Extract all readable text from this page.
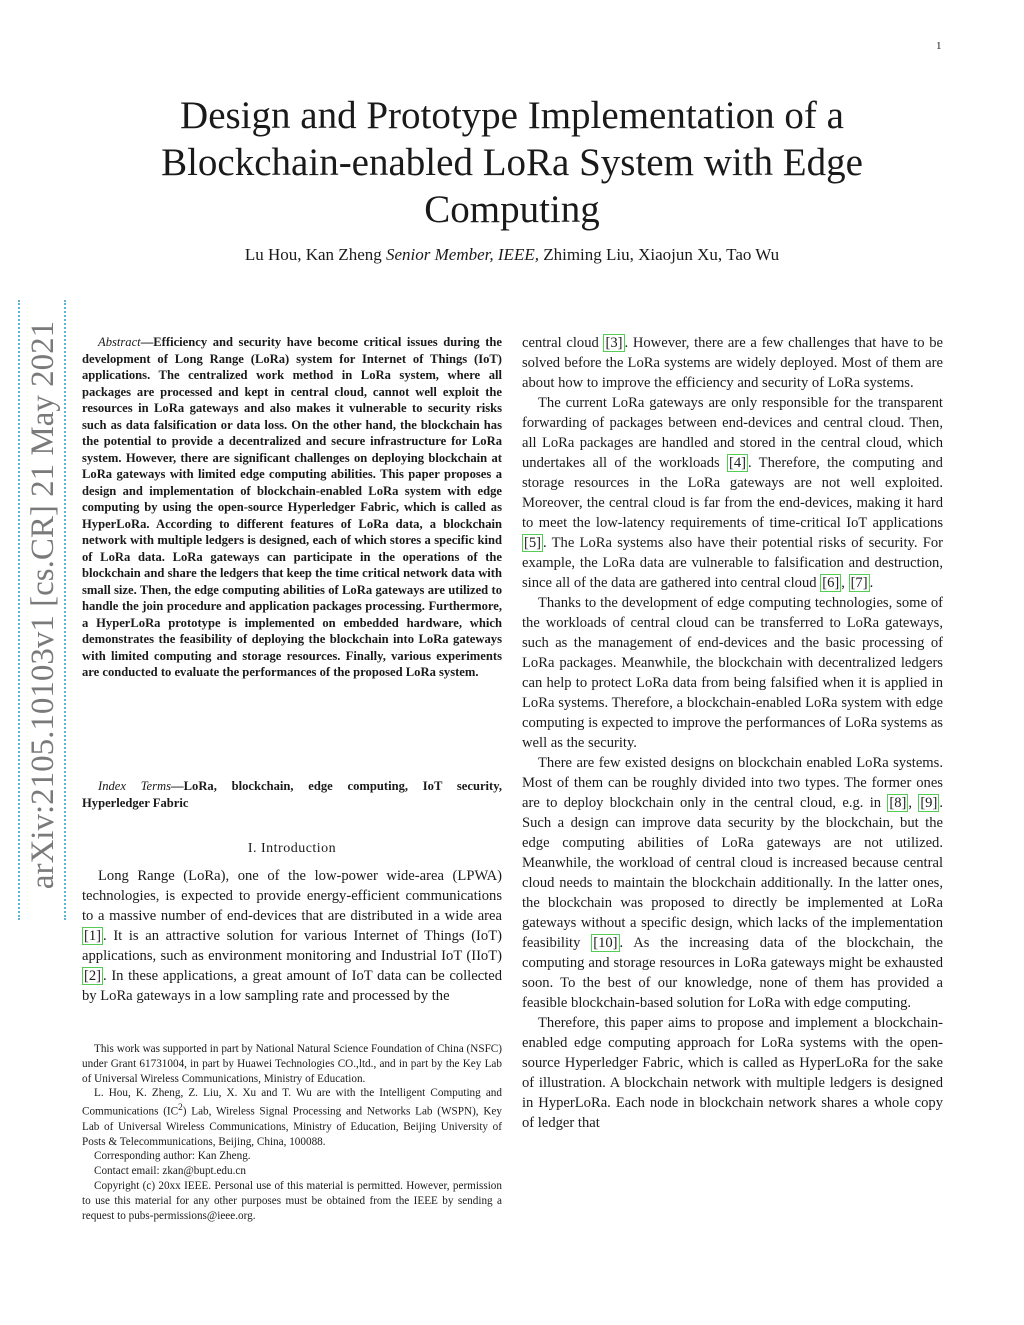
1
Design and Prototype Implementation of a Blockchain-enabled LoRa System with Edge Computing
Lu Hou, Kan Zheng Senior Member, IEEE, Zhiming Liu, Xiaojun Xu, Tao Wu
arXiv:2105.10103v1 [cs.CR] 21 May 2021	Abstract—Efficiency and security have become critical issues during the development of Long Range (LoRa) system for Internet of Things (IoT) applications. The centralized work method in LoRa system, where all packages are processed and kept in central cloud, cannot well exploit the resources in LoRa gateways and also makes it vulnerable to security risks such as data falsification or data loss. On the other hand, the blockchain has the potential to provide a decentralized and secure infrastructure for LoRa system. However, there are significant challenges on deploying blockchain at LoRa gateways with limited edge computing abilities. This paper proposes a design and implementation of blockchain-enabled LoRa system with edge computing by using the open-source Hyperledger Fabric, which is called as HyperLoRa. According to different features of LoRa data, a blockchain network with multiple ledgers is designed, each of which stores a specific kind of LoRa data. LoRa gateways can participate in the operations of the blockchain and share the ledgers that keep the time critical network data with small size. Then, the edge computing abilities of LoRa gateways are utilized to handle the join procedure and application packages processing. Furthermore, a HyperLoRa prototype is implemented on embedded hardware, which demonstrates the feasibility of deploying the blockchain into LoRa gateways with limited computing and storage resources. Finally, various experiments are conducted to evaluate the performances of the proposed LoRa system.
Index Terms—LoRa, blockchain, edge computing, IoT security, Hyperledger Fabric
I. Introduction

Long Range (LoRa), one of the low-power wide-area (LPWA) technologies, is expected to provide energy-efficient communications to a massive number of end-devices that are distributed in a wide area [1] . It is an attractive solution for various Internet of Things (IoT) applications, such as environment monitoring and Industrial IoT (IIoT) [2] . In these applications, a great amount of IoT data can be collected by LoRa gateways in a low sampling rate and processed by the

This work was supported in part by National Natural Science Foundation of China (NSFC) under Grant 61731004, in part by Huawei Technologies CO.,ltd., and in part by the Key Lab of Universal Wireless Communications, Ministry of Education.

L. Hou, K. Zheng, Z. Liu, X. Xu and T. Wu are with the Intelligent Computing and Communications $(IC^2)$ Lab, Wireless Signal Processing and Networks Lab (WSPN), Key Lab of Universal Wireless Communications, Ministry of Education, Beijing University of Posts & Telecommunications, Beijing, China, 100088.

Corresponding author: Kan Zheng.

Contact email: zkan@bupt.edu.cn

Copyright (c) 20xx IEEE. Personal use of this material is permitted. However, permission to use this material for any other purposes must be obtained from the IEEE by sending a request to pubs-permissions@ieee.org.

central cloud [3] . However, there are a few challenges that have to be solved before the LoRa systems are widely deployed. Most of them are about how to improve the efficiency and security of LoRa systems.

The current LoRa gateways are only responsible for the transparent forwarding of packages between end-devices and central cloud. Then, all LoRa packages are handled and stored in the central cloud, which undertakes all of the workloads [4] . Therefore, the computing and storage resources in the LoRa gateways are not well exploited. Moreover, the central cloud is far from the end-devices, making it hard to meet the low-latency requirements of time-critical IoT applications [5] . The LoRa systems also have their potential risks of security. For example, the LoRa data are vulnerable to falsification and destruction, since all of the data are gathered into central cloud [6] , [7] .

Thanks to the development of edge computing technologies, some of the workloads of central cloud can be transferred to LoRa gateways, such as the management of end-devices and the basic processing of LoRa packages. Meanwhile, the blockchain with decentralized ledgers can help to protect LoRa data from being falsified when it is applied in LoRa systems. Therefore, a blockchain-enabled LoRa system with edge computing is expected to improve the performances of LoRa systems as well as the security.

There are few existed designs on blockchain enabled LoRa systems. Most of them can be roughly divided into two types. The former ones are to deploy blockchain only in the central cloud, e.g. in [8] , [9] . Such a design can improve data security by the blockchain, but the edge computing abilities of LoRa gateways are not utilized. Meanwhile, the workload of central cloud is increased because central cloud needs to maintain the blockchain additionally. In the latter ones, the blockchain was proposed to directly be implemented at LoRa gateways without a specific design, which lacks of the implementation feasibility [10] . As the increasing data of the blockchain, the computing and storage resources in LoRa gateways might be exhausted soon. To the best of our knowledge, none of them has provided a feasible blockchain-based solution for LoRa with edge computing.

Therefore, this paper aims to propose and implement a blockchain-enabled edge computing approach for LoRa systems with the open-source Hyperledger Fabric, which is called as HyperLoRa for the sake of illustration. A blockchain network with multiple ledgers is designed in HyperLoRa. Each node in blockchain network shares a whole copy of ledger that
